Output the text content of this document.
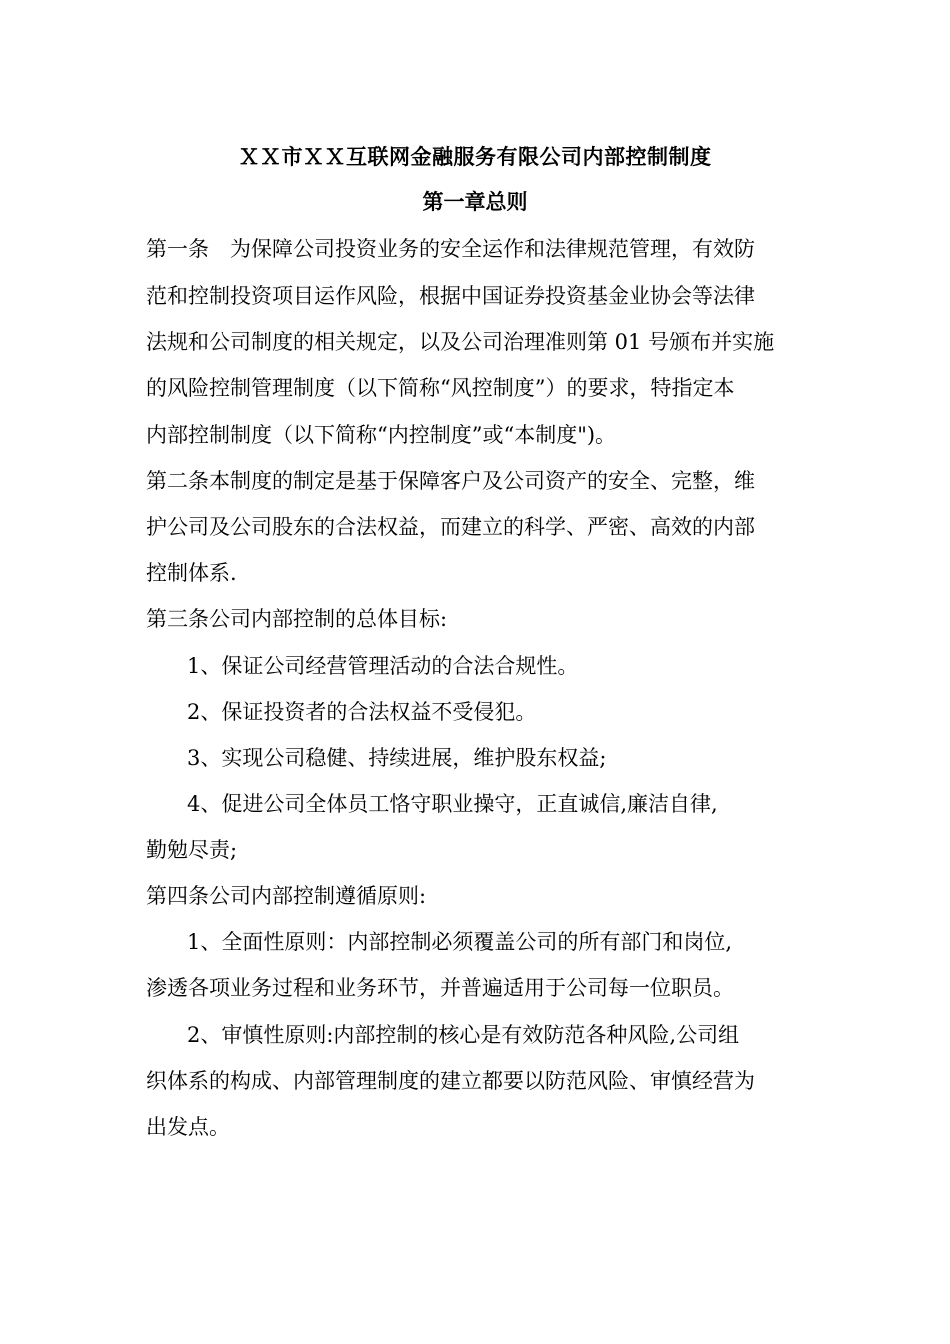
ＸＸ市ＸＸ互联网金融服务有限公司内部控制制度
第一章总则
第一条　为保障公司投资业务的安全运作和法律规范管理，有效防
范和控制投资项目运作风险，根据中国证券投资基金业协会等法律
法规和公司制度的相关规定，以及公司治理准则第 01 号颁布并实施
的风险控制管理制度（以下简称“风控制度”）的要求，特指定本
内部控制制度（以下简称“内控制度”或“本制度")。
第二条本制度的制定是基于保障客户及公司资产的安全、完整，维
护公司及公司股东的合法权益，而建立的科学、严密、高效的内部
控制体系.
第三条公司内部控制的总体目标:
1、保证公司经营管理活动的合法合规性。
2、保证投资者的合法权益不受侵犯。
3、实现公司稳健、持续进展，维护股东权益;
4、促进公司全体员工恪守职业操守，正直诚信,廉洁自律,
勤勉尽责;
第四条公司内部控制遵循原则:
1、全面性原则：内部控制必须覆盖公司的所有部门和岗位,
渗透各项业务过程和业务环节，并普遍适用于公司每一位职员。
2、审慎性原则:内部控制的核心是有效防范各种风险,公司组
织体系的构成、内部管理制度的建立都要以防范风险、审慎经营为
出发点。
